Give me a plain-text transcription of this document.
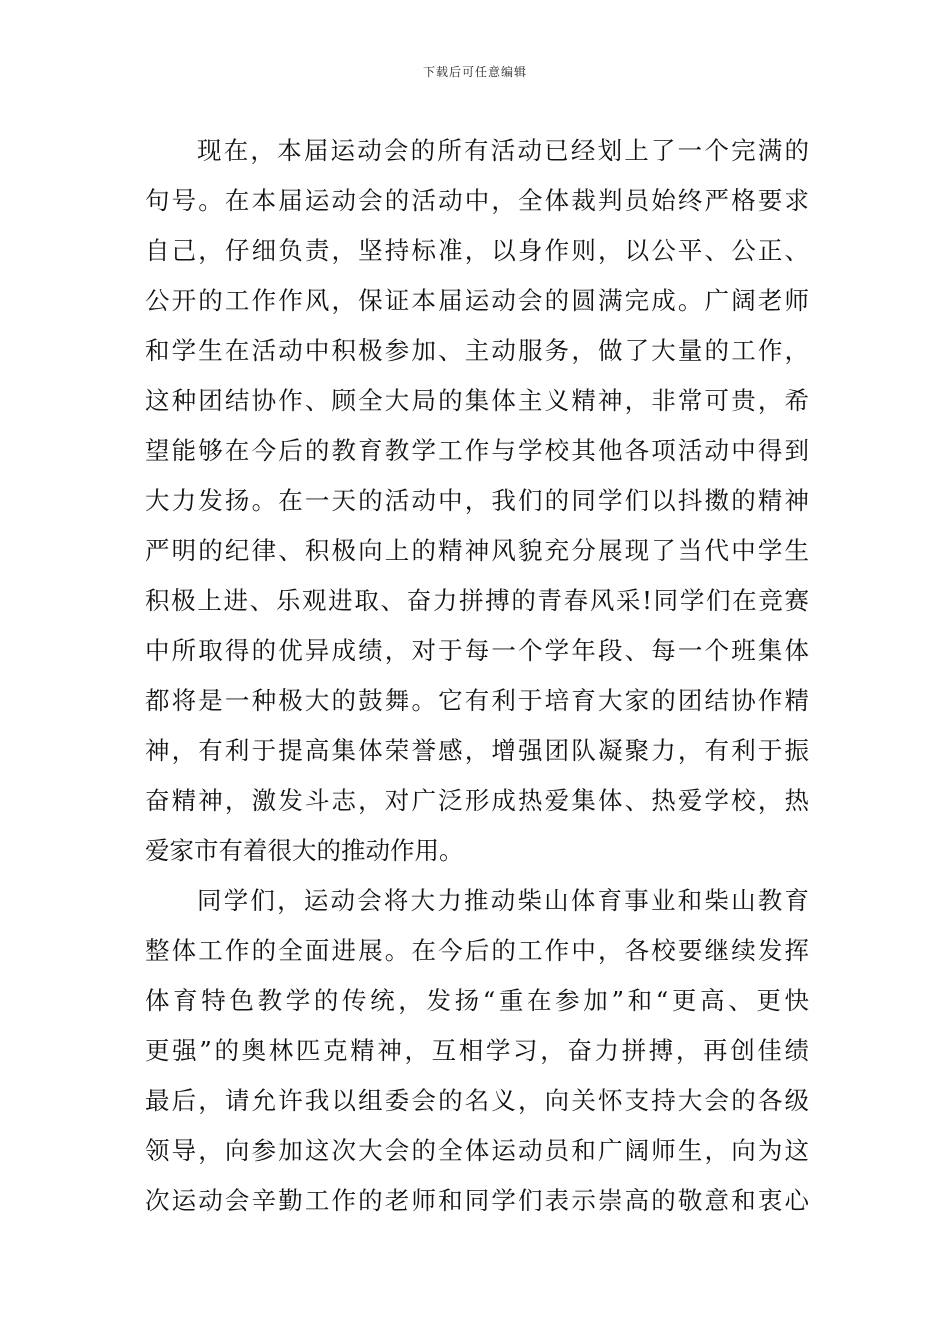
下载后可任意编辑
现在，本届运动会的所有活动已经划上了一个完满的
句号。在本届运动会的活动中，全体裁判员始终严格要求
自己，仔细负责，坚持标准，以身作则，以公平、公正、
公开的工作作风，保证本届运动会的圆满完成。广阔老师
和学生在活动中积极参加、主动服务，做了大量的工作，
这种团结协作、顾全大局的集体主义精神，非常可贵，希
望能够在今后的教育教学工作与学校其他各项活动中得到
大力发扬。在一天的活动中，我们的同学们以抖擞的精神
严明的纪律、积极向上的精神风貌充分展现了当代中学生
积极上进、乐观进取、奋力拼搏的青春风采!同学们在竞赛
中所取得的优异成绩，对于每一个学年段、每一个班集体
都将是一种极大的鼓舞。它有利于培育大家的团结协作精
神，有利于提高集体荣誉感，增强团队凝聚力，有利于振
奋精神，激发斗志，对广泛形成热爱集体、热爱学校，热
爱家市有着很大的推动作用。
同学们，运动会将大力推动柴山体育事业和柴山教育
整体工作的全面进展。在今后的工作中，各校要继续发挥
体育特色教学的传统，发扬“重在参加”和“更高、更快
更强”的奥林匹克精神，互相学习，奋力拼搏，再创佳绩
最后，请允许我以组委会的名义，向关怀支持大会的各级
领导，向参加这次大会的全体运动员和广阔师生，向为这
次运动会辛勤工作的老师和同学们表示崇高的敬意和衷心
